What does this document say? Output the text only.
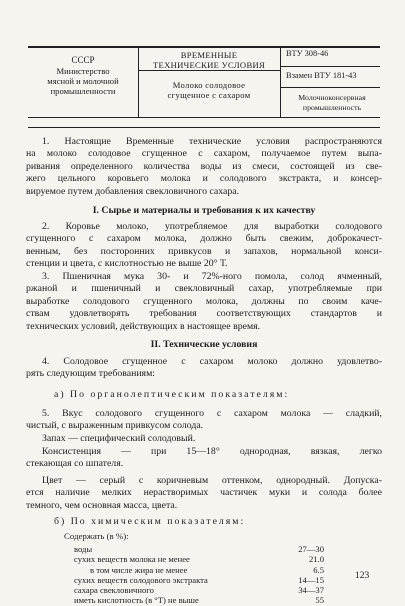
СССР
Министерство
мясной и молочной
промышленности
ВРЕМЕННЫЕ
ТЕХНИЧЕСКИЕ УСЛОВИЯ
Молоко солодовое
сгущенное с сахаром
ВТУ 308-46
Взамен ВТУ 181-43
Молочноконсервная
промышленность
1. Настоящие Временные технические условия распространяются
на молоко солодовое сгущенное с сахаром, получаемое путем выпа-
ривания определенного количества воды из смеси, состоящей из све-
жего цельного коровьего молока и солодового экстракта, и консер-
вируемое путем добавления свекловичного сахара.
I. Сырье и материалы и требования к их качеству
2. Коровье молоко, употребляемое для выработки солодового
сгущенного с сахаром молока, должно быть свежим, доброкачест-
венным, без посторонних привкусов и запахов, нормальной конси-
стенции и цвета, с кислотностью не выше 20° Т.
3. Пшеничная мука 30- и 72%-ного помола, солод ячменный,
ржаной и пшеничный и свекловичный сахар, употребляемые при
выработке солодового сгущенного молока, должны по своим каче-
ствам удовлетворять требования соответствующих стандартов и
технических условий, действующих в настоящее время.
II. Технические условия
4. Солодовое сгущенное с сахаром молоко должно удовлетво-
рять следующим требованиям:
а) По органолептическим показателям:
5. Вкус солодового сгущенного с сахаром молока — сладкий,
чистый, с выраженным привкусом солода.
Запах — специфический солодовый.
Консистенция — при 15—18° однородная, вязкая, легко
стекающая со шпателя.
Цвет — серый с коричневым оттенком, однородный. Допуска-
ется наличие мелких нерастворимых частичек муки и солода более
темного, чем основная масса, цвета.
б) По химическим показателям:
Содержать (в %):
воды	27—30
сухих веществ молока не менее	21.0
в том числе жира не менее	6.5
сухих веществ солодового экстракта	14—15
сахара свекловичного	34—37
иметь кислотность (в °Т) не выше	55
123
